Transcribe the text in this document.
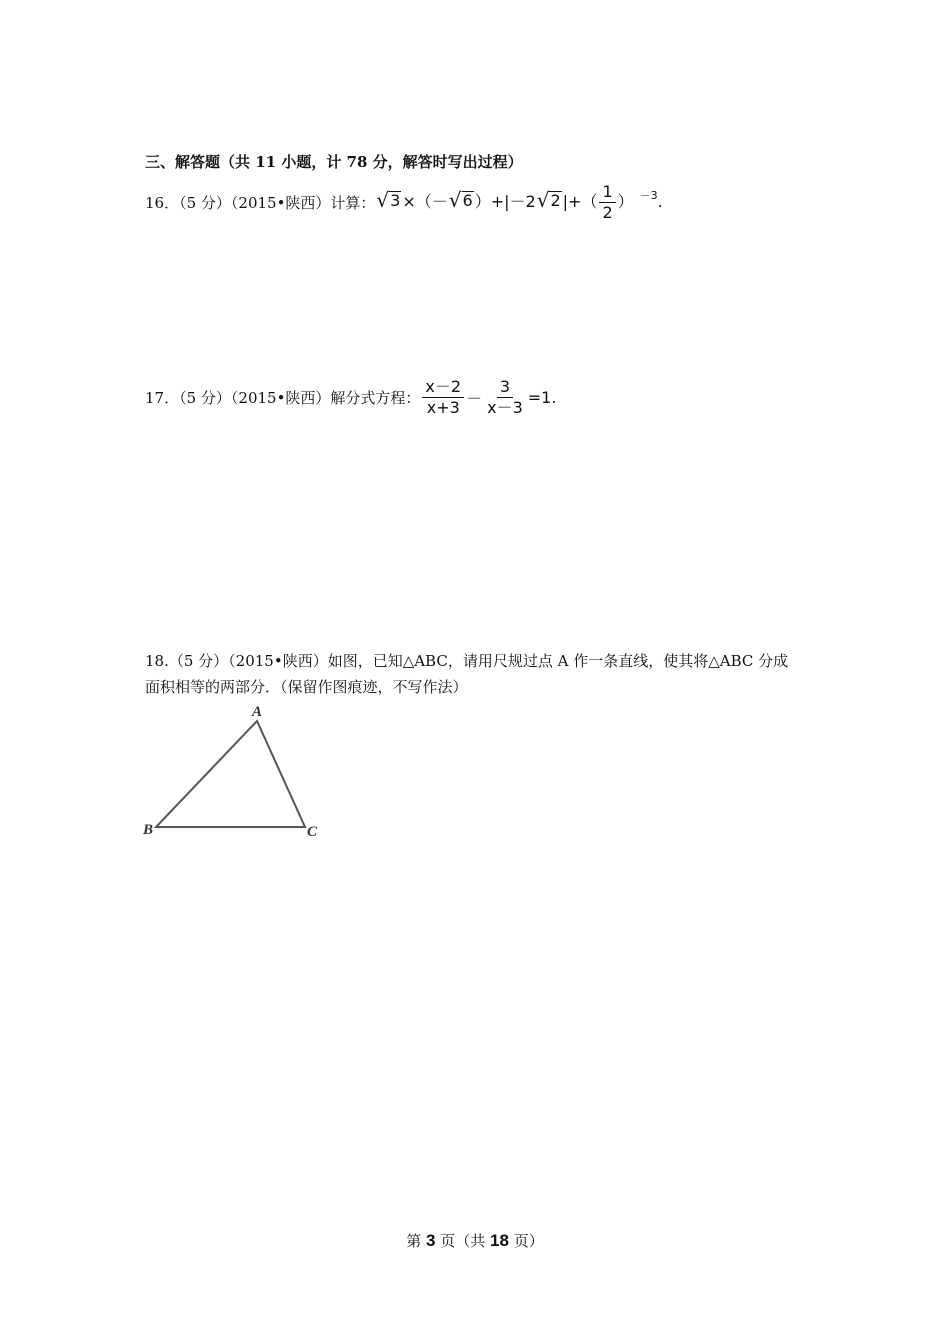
三、解答题（共 11 小题，计 78 分，解答时写出过程）
16．（5 分）（2015•陕西）计算： √ 3 ×（－ √ 6 ）+|－2 √ 2 |+（ $\frac{1}{2}$ ） $^{-3}$.
17．（5 分）（2015•陕西）解分式方程： $\frac{x-2}{x+3} - \frac{3}{x-3} =1$.
18.（5 分）（2015•陕西）如图，已知△ABC，请用尺规过点 A 作一条直线，使其将△ABC 分成
面积相等的两部分．（保留作图痕迹，不写作法）
A
B	C
第 3 页（共 18 页）
